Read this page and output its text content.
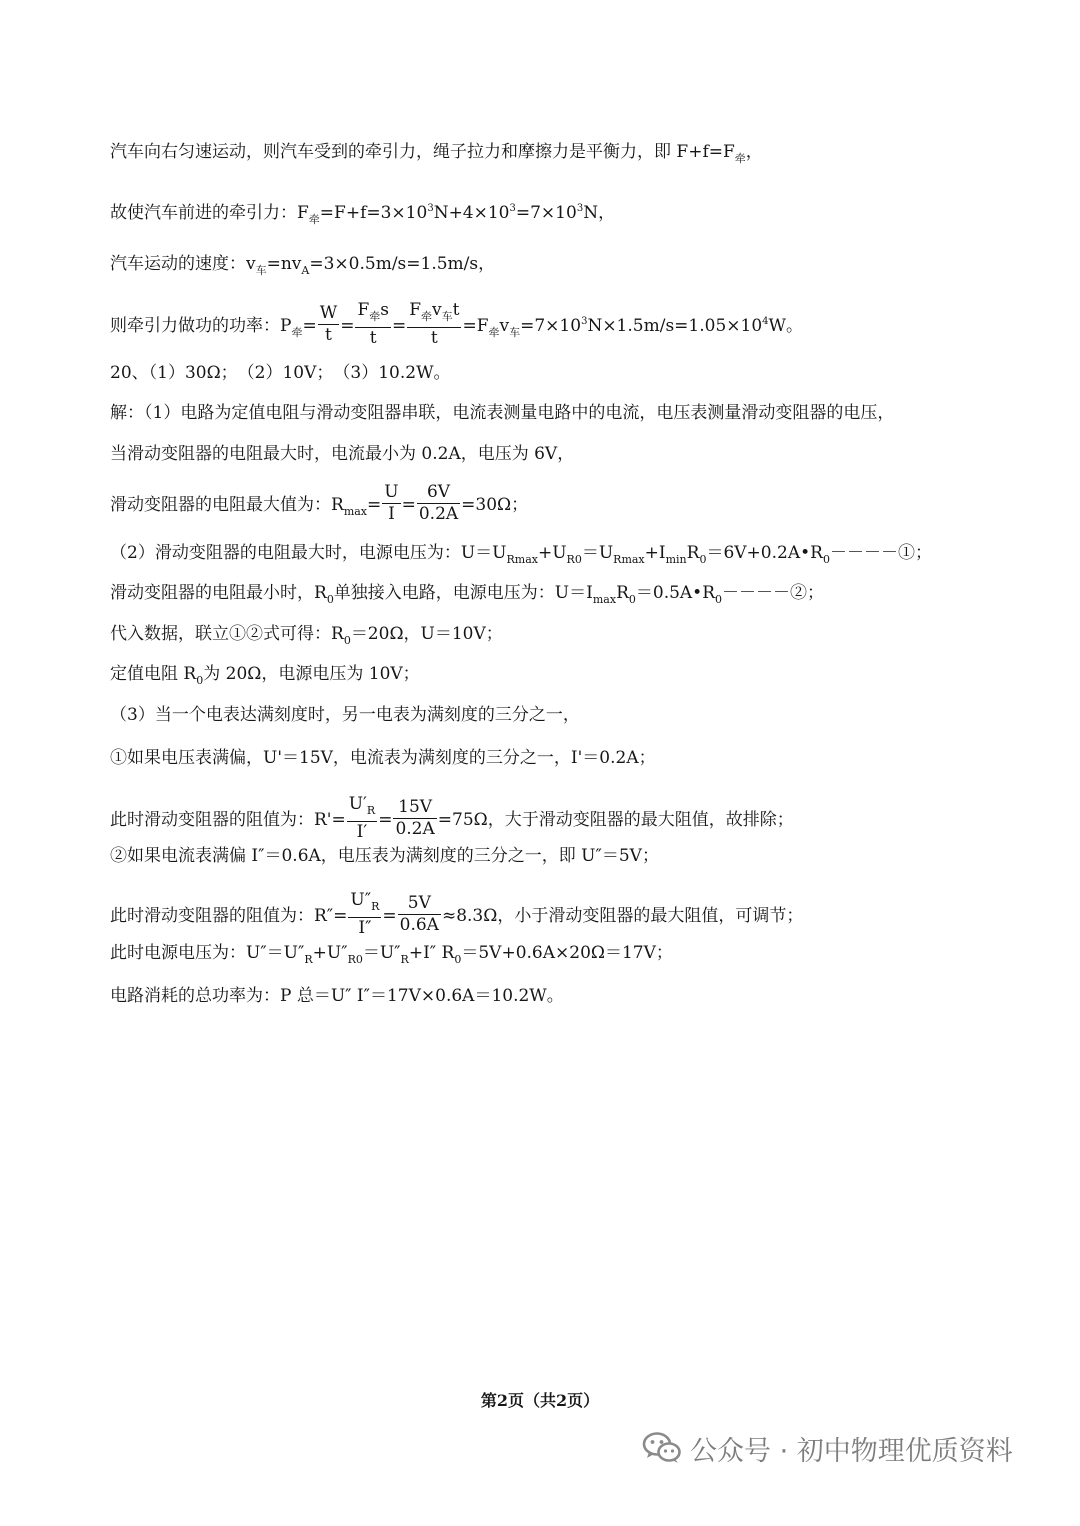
汽车向右匀速运动，则汽车受到的牵引力，绳子拉力和摩擦力是平衡力，即 $F+f=F_牵$，
故使汽车前进的牵引力：$F_牵=F+f=3\times 10^3N+4\times 10^3=7\times 10^3N$，
汽车运动的速度：$v_车=nv_A=3\times 0.5m/s=1.5m/s$，
则牵引力做功的功率：$P_牵= \frac{W}{t} = \frac{F_牵s}{t} = \frac{F_牵v_车t}{t} =F_牵v_车=7\times 10^3N\times 1.5m/s=1.05\times 10^4W$。
20、（1）30Ω；　（2）10V；　（3）10.2W。
解：（1）电路为定值电阻与滑动变阻器串联，电流表测量电路中的电流，电压表测量滑动变阻器的电压，
当滑动变阻器的电阻最大时，电流最小为 0.2A，电压为 6V，
滑动变阻器的电阻最大值为：$R_{max}= \frac{U}{I} = \frac{6V}{0.2A} =30\Omega$；
（2）滑动变阻器的电阻最大时，电源电压为：$U=U_{Rmax}+U_{R0}=U_{Rmax}+I_{min}R_0=6V+0.2A•R_0----①$；
滑动变阻器的电阻最小时，$R_0$单独接入电路，电源电压为：$U=I_{max}R_0=0.5A•R_0----②$；
代入数据，联立①②式可得：$R_0=20\Omega$，U＝10V；
定值电阻 $R_0$为 20Ω，电源电压为 10V；
（3）当一个电表达满刻度时，另一电表为满刻度的三分之一，
①如果电压表满偏，U'＝15V，电流表为满刻度的三分之一，I'＝0.2A；
此时滑动变阻器的阻值为：$R'= \frac{U'_R}{I'} = \frac{15V}{0.2A} =75\Omega$，大于滑动变阻器的最大阻值，故排除；
②如果电流表满偏 I″＝0.6A，电压表为满刻度的三分之一，即 U″＝5V；
此时滑动变阻器的阻值为：$R''= \frac{U''_R}{I''} = \frac{5V}{0.6A} \approx 8.3\Omega$，小于滑动变阻器的最大阻值，可调节；
此时电源电压为：$U''=U''_R+U''_{R0}=U''_R+I''$ $R_0=5V+0.6A\times 20\Omega=17V$；
电路消耗的总功率为：P 总＝U″ I″＝17V×0.6A＝10.2W。
第2页（共2页）
公众号 · 初中物理优质资料
